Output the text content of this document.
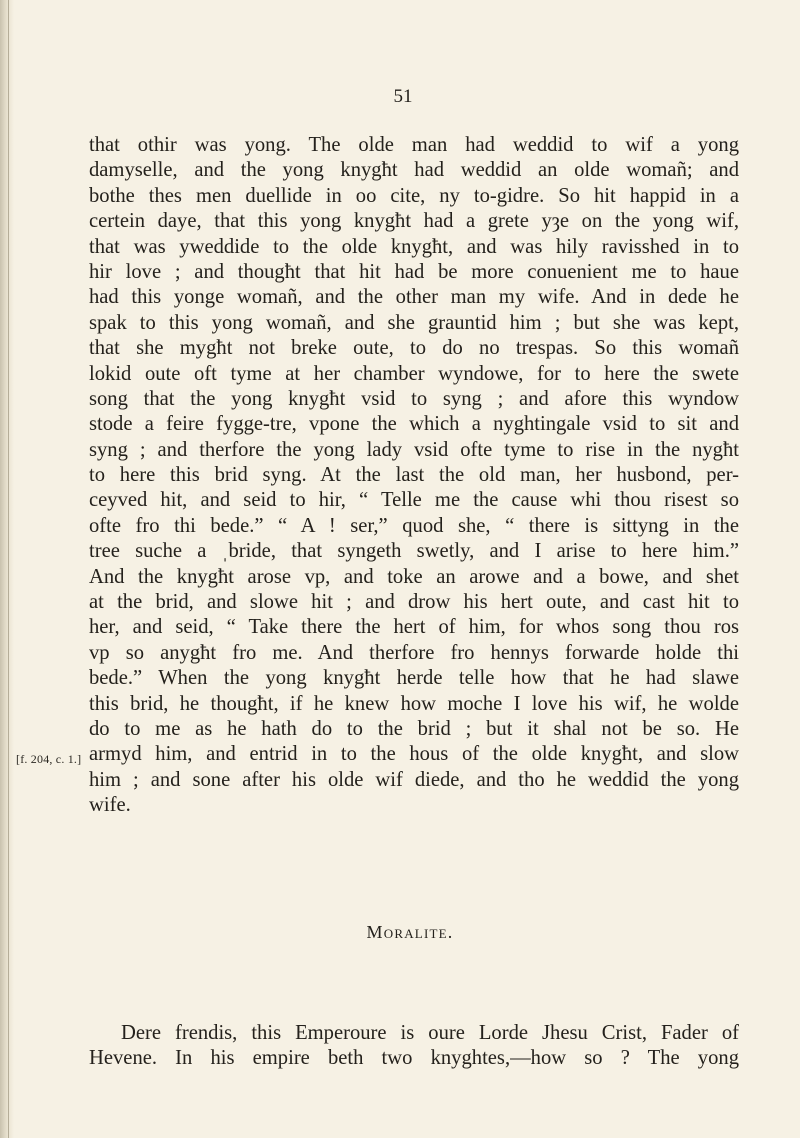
51
[f. 204, c. 1.]
that othir was yong. The olde man had weddid to wif a yong
damyselle, and the yong knygħt had weddid an olde womañ; and
bothe thes men duellide in oo cite, ny to-gidre. So hit happid in a
certein daye, that this yong knygħt had a grete yȝe on the yong wif,
that was yweddide to the olde knygħt, and was hily ravisshed in to
hir love ; and thougħt that hit had be more conuenient me to haue
had this yonge womañ, and the other man my wife. And in dede he
spak to this yong womañ, and she grauntid him ; but she was kept,
that she mygħt not breke oute, to do no trespas. So this womañ
lokid oute oft tyme at her chamber wyndowe, for to here the swete
song that the yong knygħt vsid to syng ; and afore this wyndow
stode a feire fygge-tre, vpone the which a nyghtingale vsid to sit and
syng ; and therfore the yong lady vsid ofte tyme to rise in the nygħt
to here this brid syng. At the last the old man, her husbond, per-
ceyved hit, and seid to hir, “ Telle me the cause whi thou risest so
ofte fro thi bede.” “ A ! ser,” quod she, “ there is sittyng in the
tree suche a ˌbride, that syngeth swetly, and I arise to here him.”
And the knygħt arose vp, and toke an arowe and a bowe, and shet
at the brid, and slowe hit ; and drow his hert oute, and cast hit to
her, and seid, “ Take there the hert of him, for whos song thou ros
vp so anygħt fro me. And therfore fro hennys forwarde holde thi
bede.” When the yong knygħt herde telle how that he had slawe
this brid, he thougħt, if he knew how moche I love his wif, he wolde
do to me as he hath do to the brid ; but it shal not be so. He
armyd him, and entrid in to the hous of the olde knygħt, and slow
him ; and sone after his olde wif diede, and tho he weddid the yong
wife.
Moralite.
Dere frendis, this Emperoure is oure Lorde Jhesu Crist, Fader of
Hevene. In his empire beth two knyghtes,—how so ? The yong
